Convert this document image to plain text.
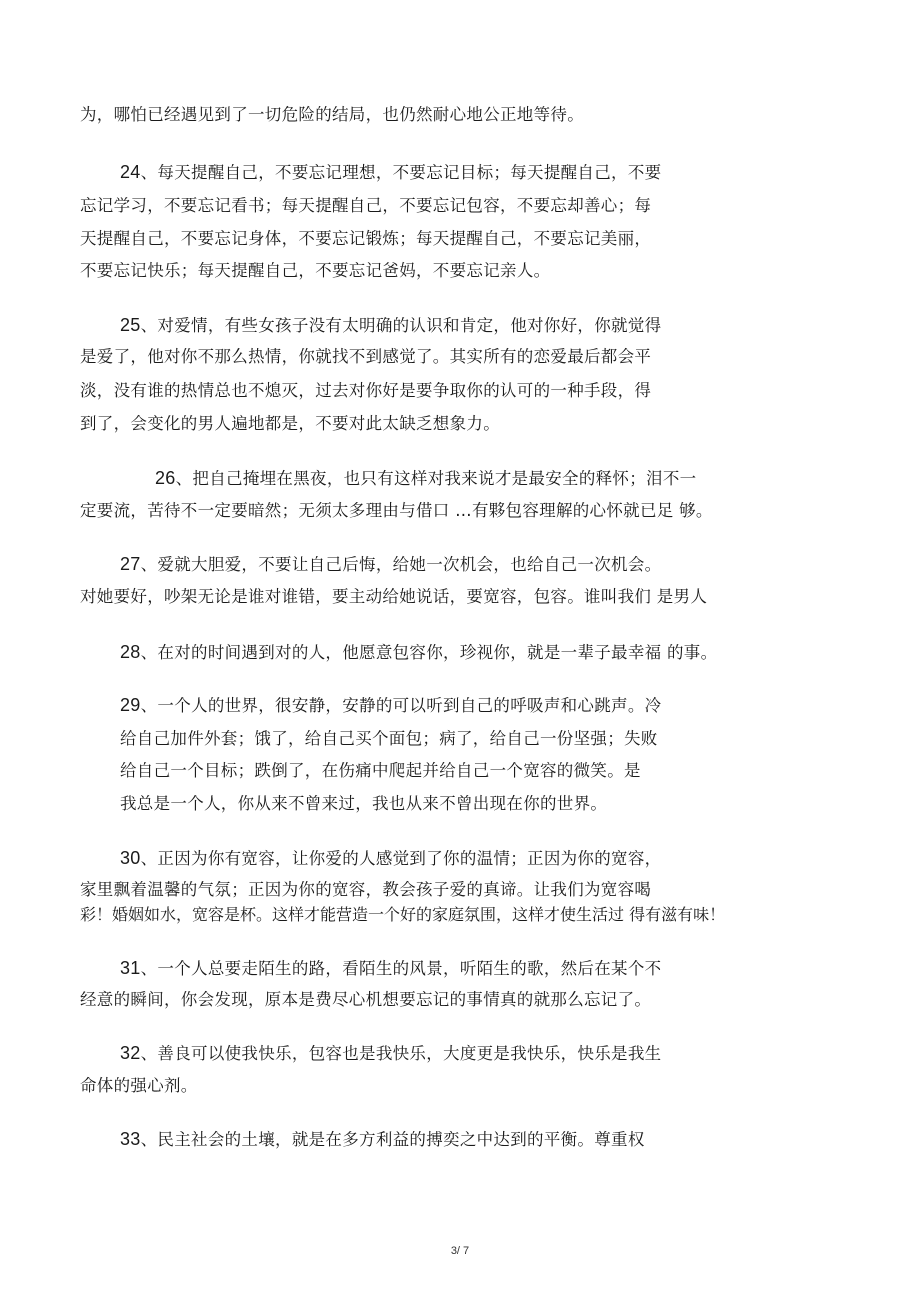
为，哪怕已经遇见到了一切危险的结局，也仍然耐心地公正地等待。
24、每天提醒自己，不要忘记理想，不要忘记目标；每天提醒自己，不要
忘记学习，不要忘记看书；每天提醒自己，不要忘记包容，不要忘却善心；每
天提醒自己，不要忘记身体，不要忘记锻炼；每天提醒自己，不要忘记美丽，
不要忘记快乐；每天提醒自己，不要忘记爸妈，不要忘记亲人。
25、对爱情，有些女孩子没有太明确的认识和肯定，他对你好，你就觉得
是爱了，他对你不那么热情，你就找不到感觉了。其实所有的恋爱最后都会平
淡，没有谁的热情总也不熄灭，过去对你好是要争取你的认可的一种手段，得
到了，会变化的男人遍地都是，不要对此太缺乏想象力。
26、把自己掩埋在黑夜，也只有这样对我来说才是最安全的释怀；泪不一
定要流，苦待不一定要暗然；无须太多理由与借口 …有夥包容理解的心怀就已足 够。
27、爱就大胆爱，不要让自己后悔，给她一次机会，也给自己一次机会。
对她要好，吵架无论是谁对谁错，要主动给她说话，要宽容，包容。谁叫我们 是男人
28、在对的时间遇到对的人，他愿意包容你，珍视你，就是一辈子最幸福 的事。
29、一个人的世界，很安静，安静的可以听到自己的呼吸声和心跳声。冷
给自己加件外套；饿了，给自己买个面包；病了，给自己一份坚强；失败
给自己一个目标；跌倒了，在伤痛中爬起并给自己一个宽容的微笑。是
我总是一个人，你从来不曾来过，我也从来不曾出现在你的世界。
30、正因为你有宽容，让你爱的人感觉到了你的温情；正因为你的宽容，
家里飘着温馨的气氛；正因为你的宽容，教会孩子爱的真谛。让我们为宽容喝
彩！婚姻如水，宽容是杯。这样才能营造一个好的家庭氛围，这样才使生活过 得有滋有味！
31、一个人总要走陌生的路，看陌生的风景，听陌生的歌，然后在某个不
经意的瞬间，你会发现，原本是费尽心机想要忘记的事情真的就那么忘记了。
32、善良可以使我快乐，包容也是我快乐，大度更是我快乐，快乐是我生
命体的强心剂。
33、民主社会的土壤，就是在多方利益的搏奕之中达到的平衡。尊重权
3/ 7
